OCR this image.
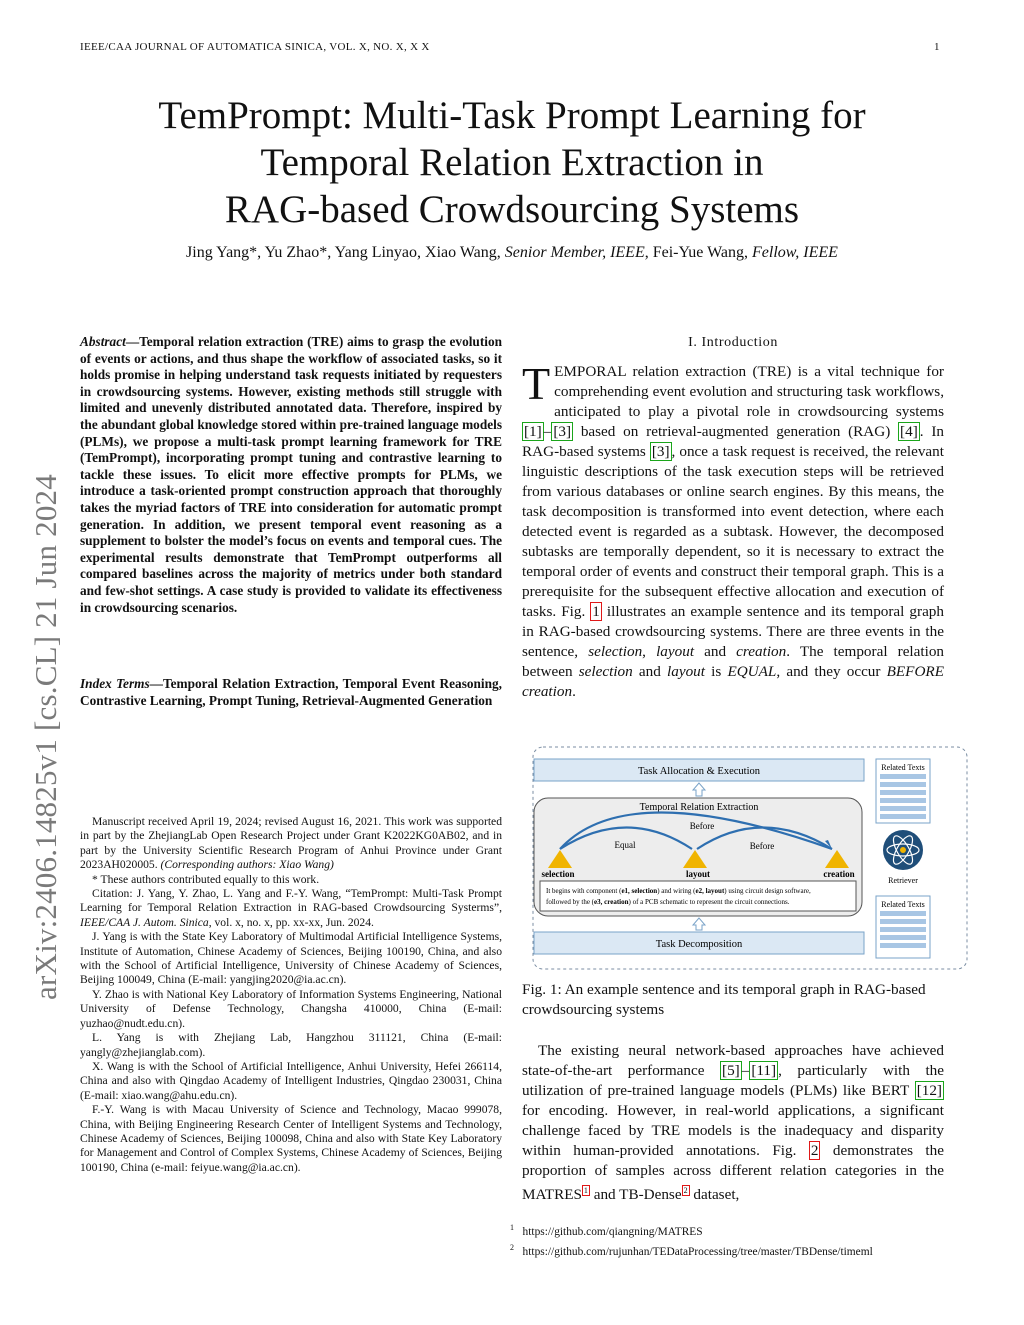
IEEE/CAA JOURNAL OF AUTOMATICA SINICA, VOL. X, NO. X, X X	1
TemPrompt: Multi-Task Prompt Learning for
Temporal Relation Extraction in
RAG-based Crowdsourcing Systems
Jing Yang*, Yu Zhao*, Yang Linyao, Xiao Wang, Senior Member, IEEE, Fei-Yue Wang, Fellow, IEEE
arXiv:2406.14825v1 [cs.CL] 21 Jun 2024
Abstract—Temporal relation extraction (TRE) aims to grasp the evolution of events or actions, and thus shape the workflow of associated tasks, so it holds promise in helping understand task requests initiated by requesters in crowdsourcing systems. However, existing methods still struggle with limited and unevenly distributed annotated data. Therefore, inspired by the abundant global knowledge stored within pre-trained language models (PLMs), we propose a multi-task prompt learning framework for TRE (TemPrompt), incorporating prompt tuning and contrastive learning to tackle these issues. To elicit more effective prompts for PLMs, we introduce a task-oriented prompt construction approach that thoroughly takes the myriad factors of TRE into consideration for automatic prompt generation. In addition, we present temporal event reasoning as a supplement to bolster the model’s focus on events and temporal cues. The experimental results demonstrate that TemPrompt outperforms all compared baselines across the majority of metrics under both standard and few-shot settings. A case study is provided to validate its effectiveness in crowdsourcing scenarios.
Index Terms—Temporal Relation Extraction, Temporal Event Reasoning, Contrastive Learning, Prompt Tuning, Retrieval-Augmented Generation

Manuscript received April 19, 2024; revised August 16, 2021. This work was supported in part by the ZhejiangLab Open Research Project under Grant K2022KG0AB02, and in part by the University Scientific Research Program of Anhui Province under Grant 2023AH020005. (Corresponding authors: Xiao Wang)

* These authors contributed equally to this work.

Citation: J. Yang, Y. Zhao, L. Yang and F.-Y. Wang, “TemPrompt: Multi-Task Prompt Learning for Temporal Relation Extraction in RAG-based Crowdsourcing Systerms”, IEEE/CAA J. Autom. Sinica, vol. x, no. x, pp. xx-xx, Jun. 2024.

J. Yang is with the State Key Laboratory of Multimodal Artificial Intelligence Systems, Institute of Automation, Chinese Academy of Sciences, Beijing 100190, China, and also with the School of Artificial Intelligence, University of Chinese Academy of Sciences, Beijing 100049, China (E-mail: yangjing2020@ia.ac.cn).

Y. Zhao is with National Key Laboratory of Information Systems Engineering, National University of Defense Technology, Changsha 410000, China (E-mail: yuzhao@nudt.edu.cn).

L. Yang is with Zhejiang Lab, Hangzhou 311121, China (E-mail: yangly@zhejianglab.com).

X. Wang is with the School of Artificial Intelligence, Anhui University, Hefei 266114, China and also with Qingdao Academy of Intelligent Industries, Qingdao 230031, China (E-mail: xiao.wang@ahu.edu.cn).

F.-Y. Wang is with Macau University of Science and Technology, Macao 999078, China, with Beijing Engineering Research Center of Intelligent Systems and Technology, Chinese Academy of Sciences, Beijing 100098, China and also with State Key Laboratory for Management and Control of Complex Systems, Chinese Academy of Sciences, Beijing 100190, China (e-mail: feiyue.wang@ia.ac.cn).

I. Introduction
TEMPORAL relation extraction (TRE) is a vital technique for comprehending event evolution and structuring task workflows, anticipated to play a pivotal role in crowdsourcing systems [1] – [3] based on retrieval-augmented generation (RAG) [4] . In RAG-based systems [3] , once a task request is received, the relevant linguistic descriptions of the task execution steps will be retrieved from various databases or online search engines. By this means, the task decomposition is transformed into event detection, where each detected event is regarded as a subtask. However, the decomposed subtasks are temporally dependent, so it is necessary to extract the temporal order of events and construct their temporal graph. This is a prerequisite for the subsequent effective allocation and execution of tasks. Fig. 1 illustrates an example sentence and its temporal graph in RAG-based crowdsourcing systems. There are three events in the sentence, selection, layout and creation. The temporal relation between selection and layout is EQUAL, and they occur BEFORE creation.
Task Allocation & Execution
Temporal Relation Extraction
Before
Equal	Before
selection	layout	creation
It begins with component (e1, selection) and wiring (e2, layout) using circuit design software,
followed by the (e3, creation) of a PCB schematic to represent the circuit connections.
Task Decomposition
Related Texts
Retriever
Related Texts
Fig. 1: An example sentence and its temporal graph in RAG-based crowdsourcing systems
The existing neural network-based approaches have achieved state-of-the-art performance [5] – [11] , particularly with the utilization of pre-trained language models (PLMs) like BERT [12] for encoding. However, in real-world applications, a significant challenge faced by TRE models is the inadequacy and disparity within human-provided annotations. Fig. 2 demonstrates the proportion of samples across different relation categories in the MATRES $^1$ and TB-Dense $^2$ dataset,
$^1$ https://github.com/qiangning/MATRES
$^2$ https://github.com/rujunhan/TEDataProcessing/tree/master/TBDense/timeml
